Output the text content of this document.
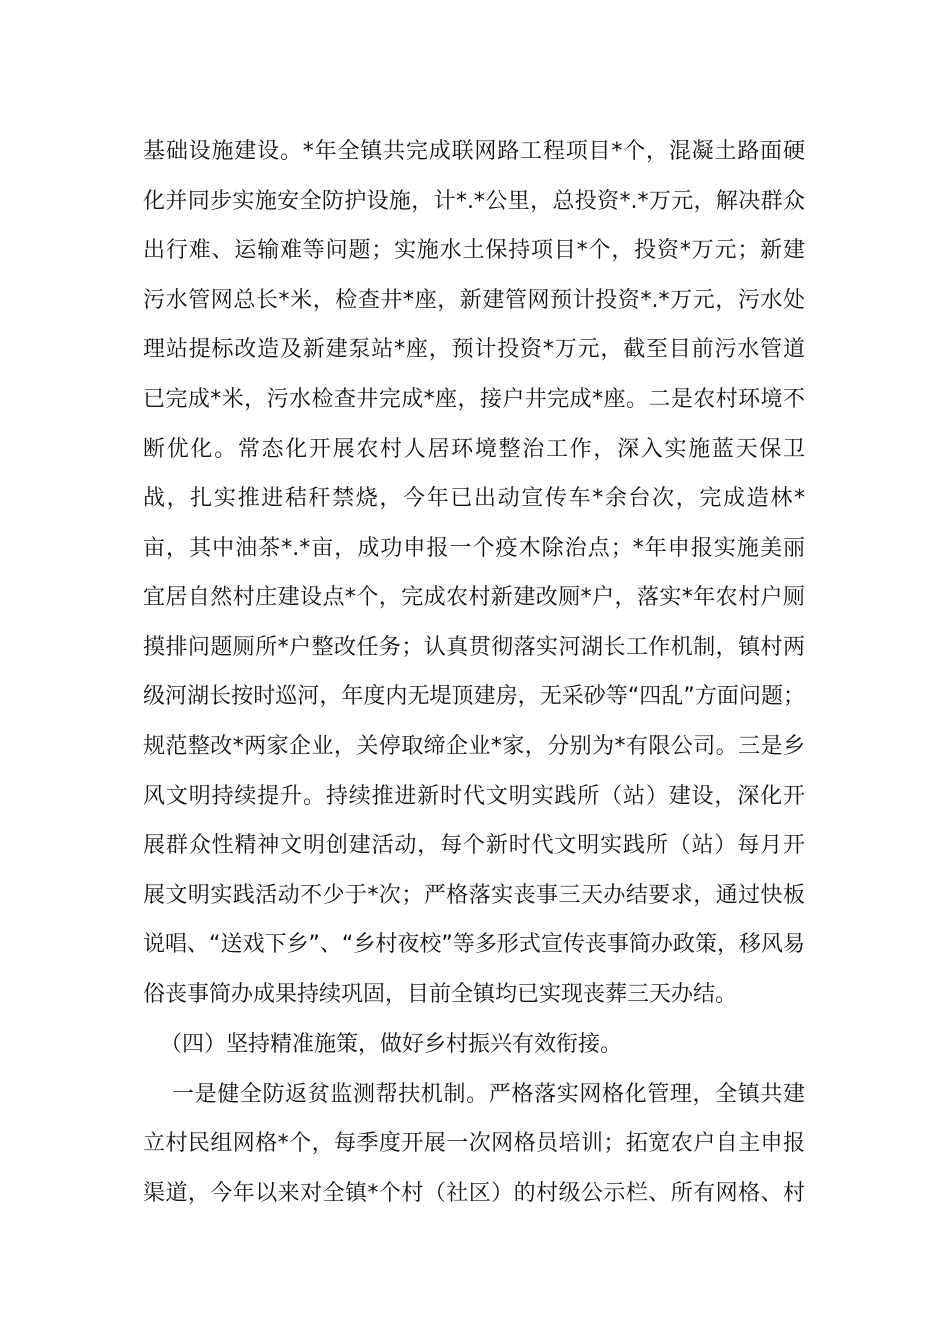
基础设施建设。*年全镇共完成联网路工程项目*个，混凝土路面硬
化并同步实施安全防护设施，计*.*公里，总投资*.*万元，解决群众
出行难、运输难等问题；实施水土保持项目*个，投资*万元；新建
污水管网总长*米，检查井*座，新建管网预计投资*.*万元，污水处
理站提标改造及新建泵站*座，预计投资*万元，截至目前污水管道
已完成*米，污水检查井完成*座，接户井完成*座。二是农村环境不
断优化。常态化开展农村人居环境整治工作，深入实施蓝天保卫
战，扎实推进秸秆禁烧，今年已出动宣传车*余台次，完成造林*
亩，其中油茶*.*亩，成功申报一个疫木除治点；*年申报实施美丽
宜居自然村庄建设点*个，完成农村新建改厕*户，落实*年农村户厕
摸排问题厕所*户整改任务；认真贯彻落实河湖长工作机制，镇村两
级河湖长按时巡河，年度内无堤顶建房，无采砂等“四乱”方面问题；
规范整改*两家企业，关停取缔企业*家，分别为*有限公司。三是乡
风文明持续提升。持续推进新时代文明实践所（站）建设，深化开
展群众性精神文明创建活动，每个新时代文明实践所（站）每月开
展文明实践活动不少于*次；严格落实丧事三天办结要求，通过快板
说唱、“送戏下乡”、“乡村夜校”等多形式宣传丧事简办政策，移风易
俗丧事简办成果持续巩固，目前全镇均已实现丧葬三天办结。
（四）坚持精准施策，做好乡村振兴有效衔接。
一是健全防返贫监测帮扶机制。严格落实网格化管理，全镇共建
立村民组网格*个，每季度开展一次网格员培训；拓宽农户自主申报
渠道，今年以来对全镇*个村（社区）的村级公示栏、所有网格、村
